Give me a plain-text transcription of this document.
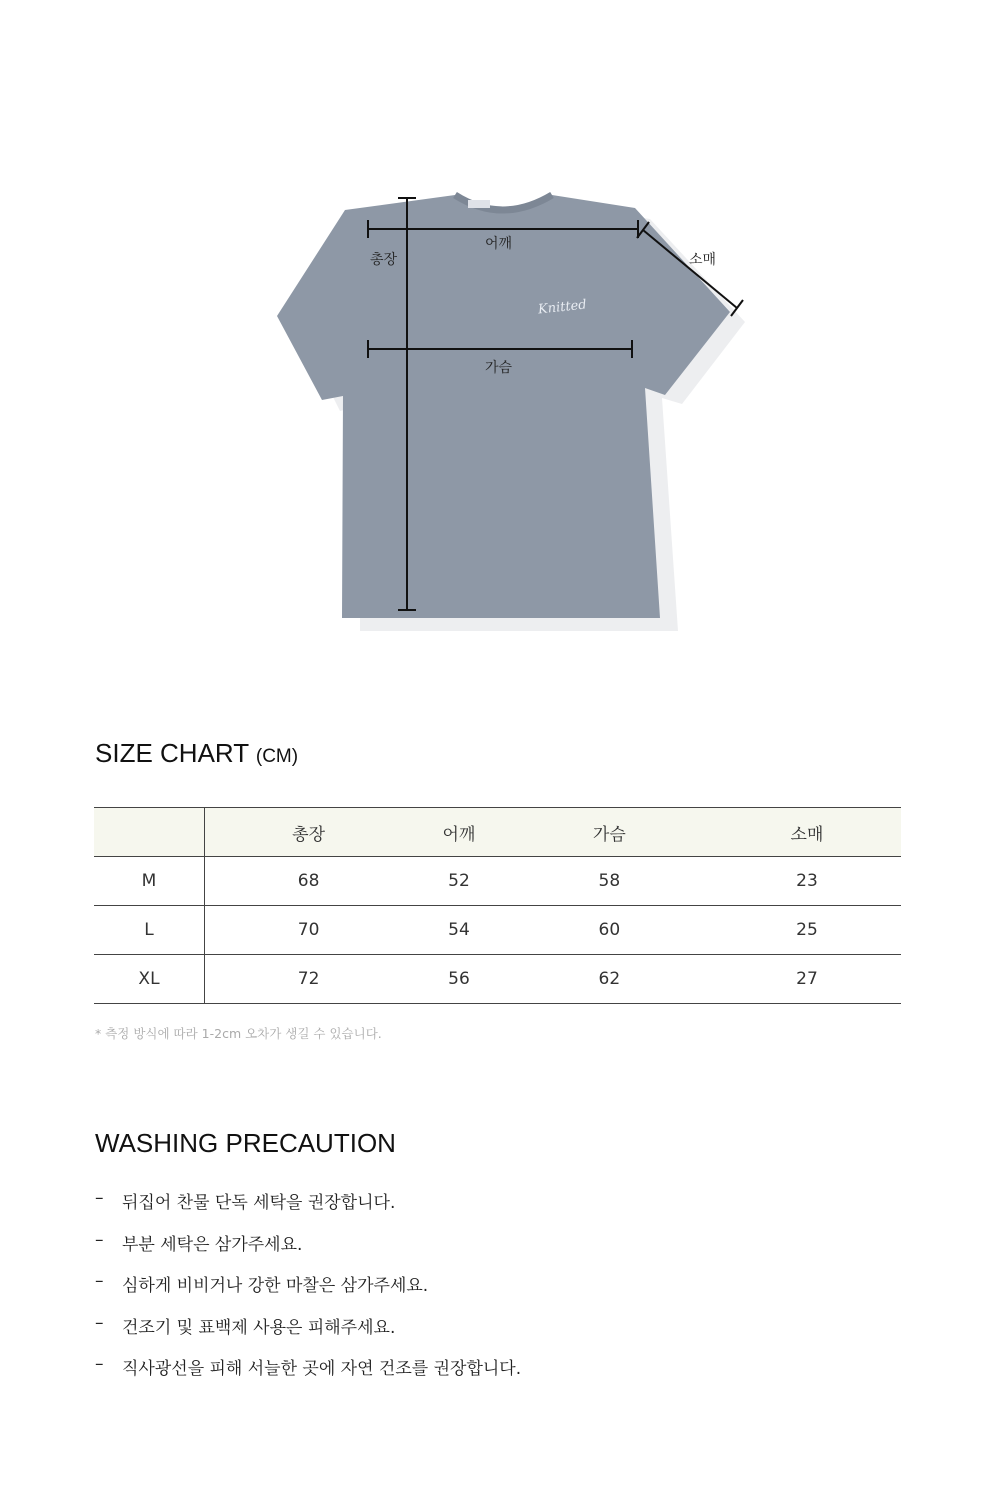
Knitted
총장
어깨
소매
가슴
SIZE CHART (CM)
	총장	어깨	가슴	소매
M	68	52	58	23
L	70	54	60	25
XL	72	56	62	27
* 측정 방식에 따라 1-2cm 오차가 생길 수 있습니다.
WASHING PRECAUTION
–	뒤집어 찬물 단독 세탁을 권장합니다.
–	부분 세탁은 삼가주세요.
–	심하게 비비거나 강한 마찰은 삼가주세요.
–	건조기 및 표백제 사용은 피해주세요.
–	직사광선을 피해 서늘한 곳에 자연 건조를 권장합니다.
